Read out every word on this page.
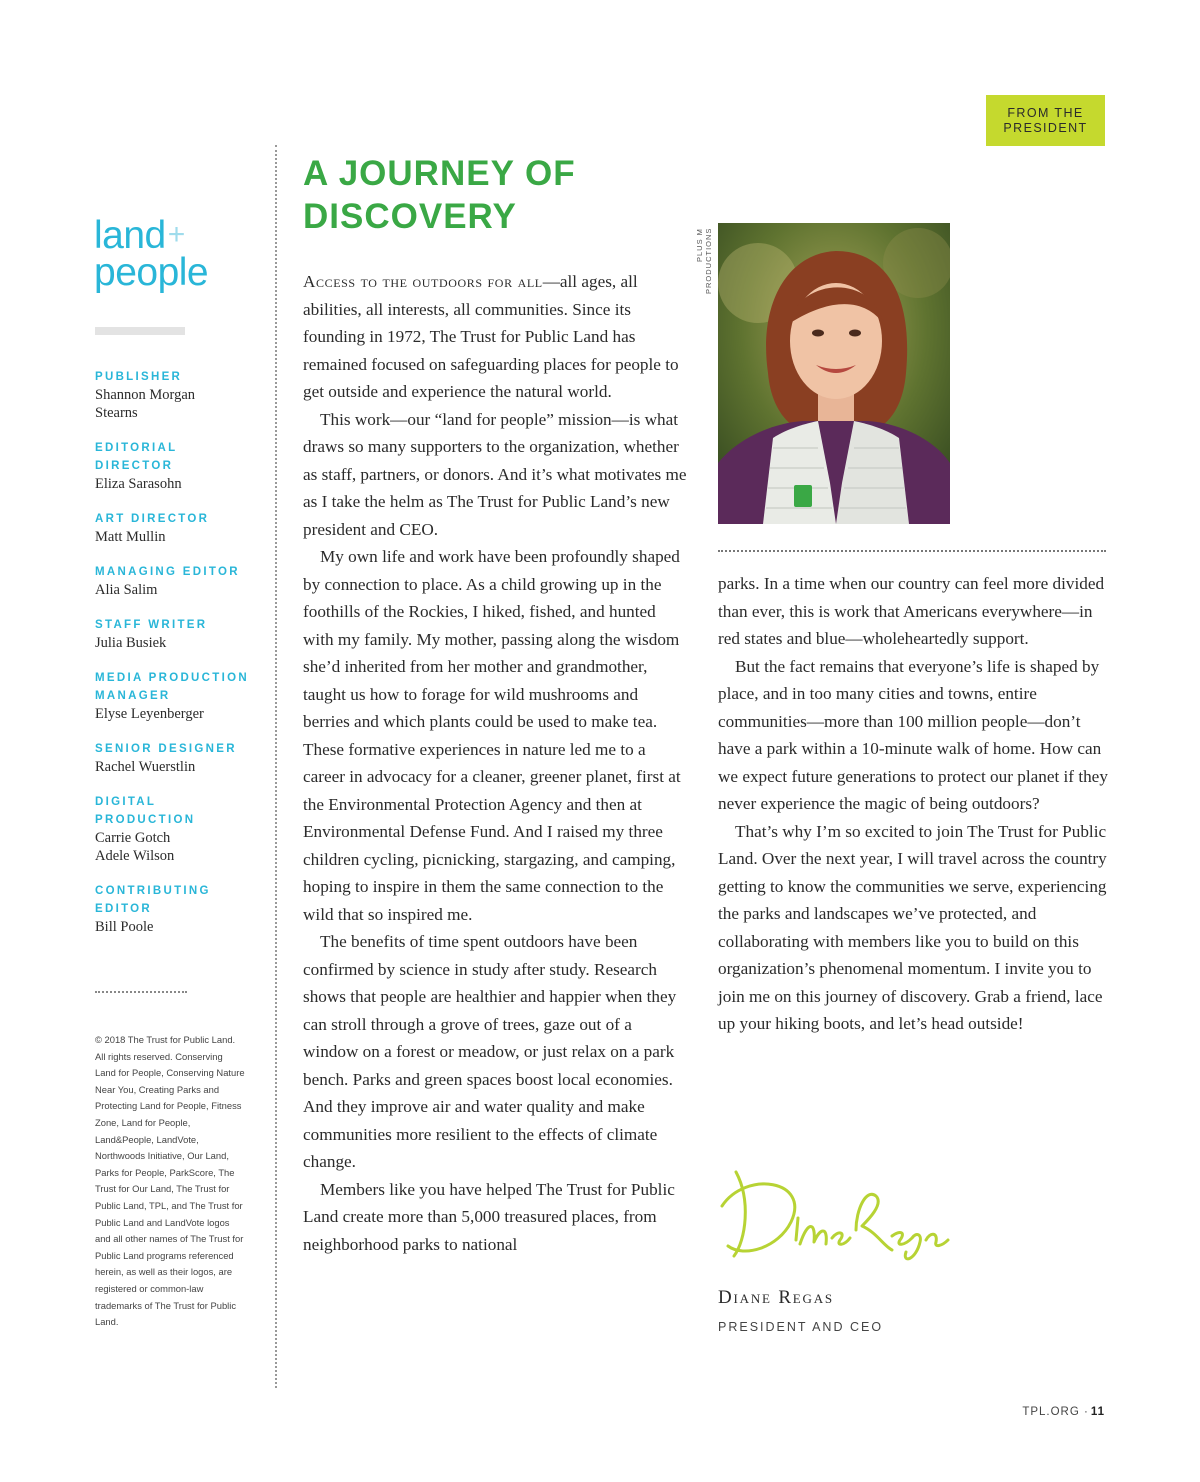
FROM THE
PRESIDENT
land+
people
PUBLISHER
Shannon Morgan
Stearns
EDITORIAL DIRECTOR
Eliza Sarasohn
ART DIRECTOR
Matt Mullin
MANAGING EDITOR
Alia Salim
STAFF WRITER
Julia Busiek
MEDIA PRODUCTION MANAGER
Elyse Leyenberger
SENIOR DESIGNER
Rachel Wuerstlin
DIGITAL PRODUCTION
Carrie Gotch
Adele Wilson
CONTRIBUTING EDITOR
Bill Poole
© 2018 The Trust for Public Land. All rights reserved. Conserving Land for People, Conserving Nature Near You, Creating Parks and Protecting Land for People, Fitness Zone, Land for People, Land&People, LandVote, Northwoods Initiative, Our Land, Parks for People, ParkScore, The Trust for Our Land, The Trust for Public Land, TPL, and The Trust for Public Land and LandVote logos and all other names of The Trust for Public Land programs referenced herein, as well as their logos, are registered or common-law trademarks of The Trust for Public Land.
A JOURNEY OF DISCOVERY

Access to the outdoors for all—all ages, all abilities, all interests, all communities. Since its founding in 1972, The Trust for Public Land has remained focused on safeguarding places for people to get outside and experience the natural world.

This work—our “land for people” mission—is what draws so many supporters to the organization, whether as staff, partners, or donors. And it’s what motivates me as I take the helm as The Trust for Public Land’s new president and CEO.

My own life and work have been profoundly shaped by connection to place. As a child growing up in the foothills of the Rockies, I hiked, fished, and hunted with my family. My mother, passing along the wisdom she’d inherited from her mother and grandmother, taught us how to forage for wild mushrooms and berries and which plants could be used to make tea. These formative experiences in nature led me to a career in advocacy for a cleaner, greener planet, first at the Environmental Protection Agency and then at Environmental Defense Fund. And I raised my three children cycling, picnicking, stargazing, and camping, hoping to inspire in them the same connection to the wild that so inspired me.

The benefits of time spent outdoors have been confirmed by science in study after study. Research shows that people are healthier and happier when they can stroll through a grove of trees, gaze out of a window on a forest or meadow, or just relax on a park bench. Parks and green spaces boost local economies. And they improve air and water quality and make communities more resilient to the effects of climate change.

Members like you have helped The Trust for Public Land create more than 5,000 treasured places, from neighborhood parks to national

PLUS M PRODUCTIONS

parks. In a time when our country can feel more divided than ever, this is work that Americans everywhere—in red states and blue—wholeheartedly support.

But the fact remains that everyone’s life is shaped by place, and in too many cities and towns, entire communities—more than 100 million people—don’t have a park within a 10-minute walk of home. How can we expect future generations to protect our planet if they never experience the magic of being outdoors?

That’s why I’m so excited to join The Trust for Public Land. Over the next year, I will travel across the country getting to know the communities we serve, experiencing the parks and landscapes we’ve protected, and collaborating with members like you to build on this organization’s phenomenal momentum. I invite you to join me on this journey of discovery. Grab a friend, lace up your hiking boots, and let’s head outside!

Diane Regas
PRESIDENT AND CEO
TPL.ORG · 11
